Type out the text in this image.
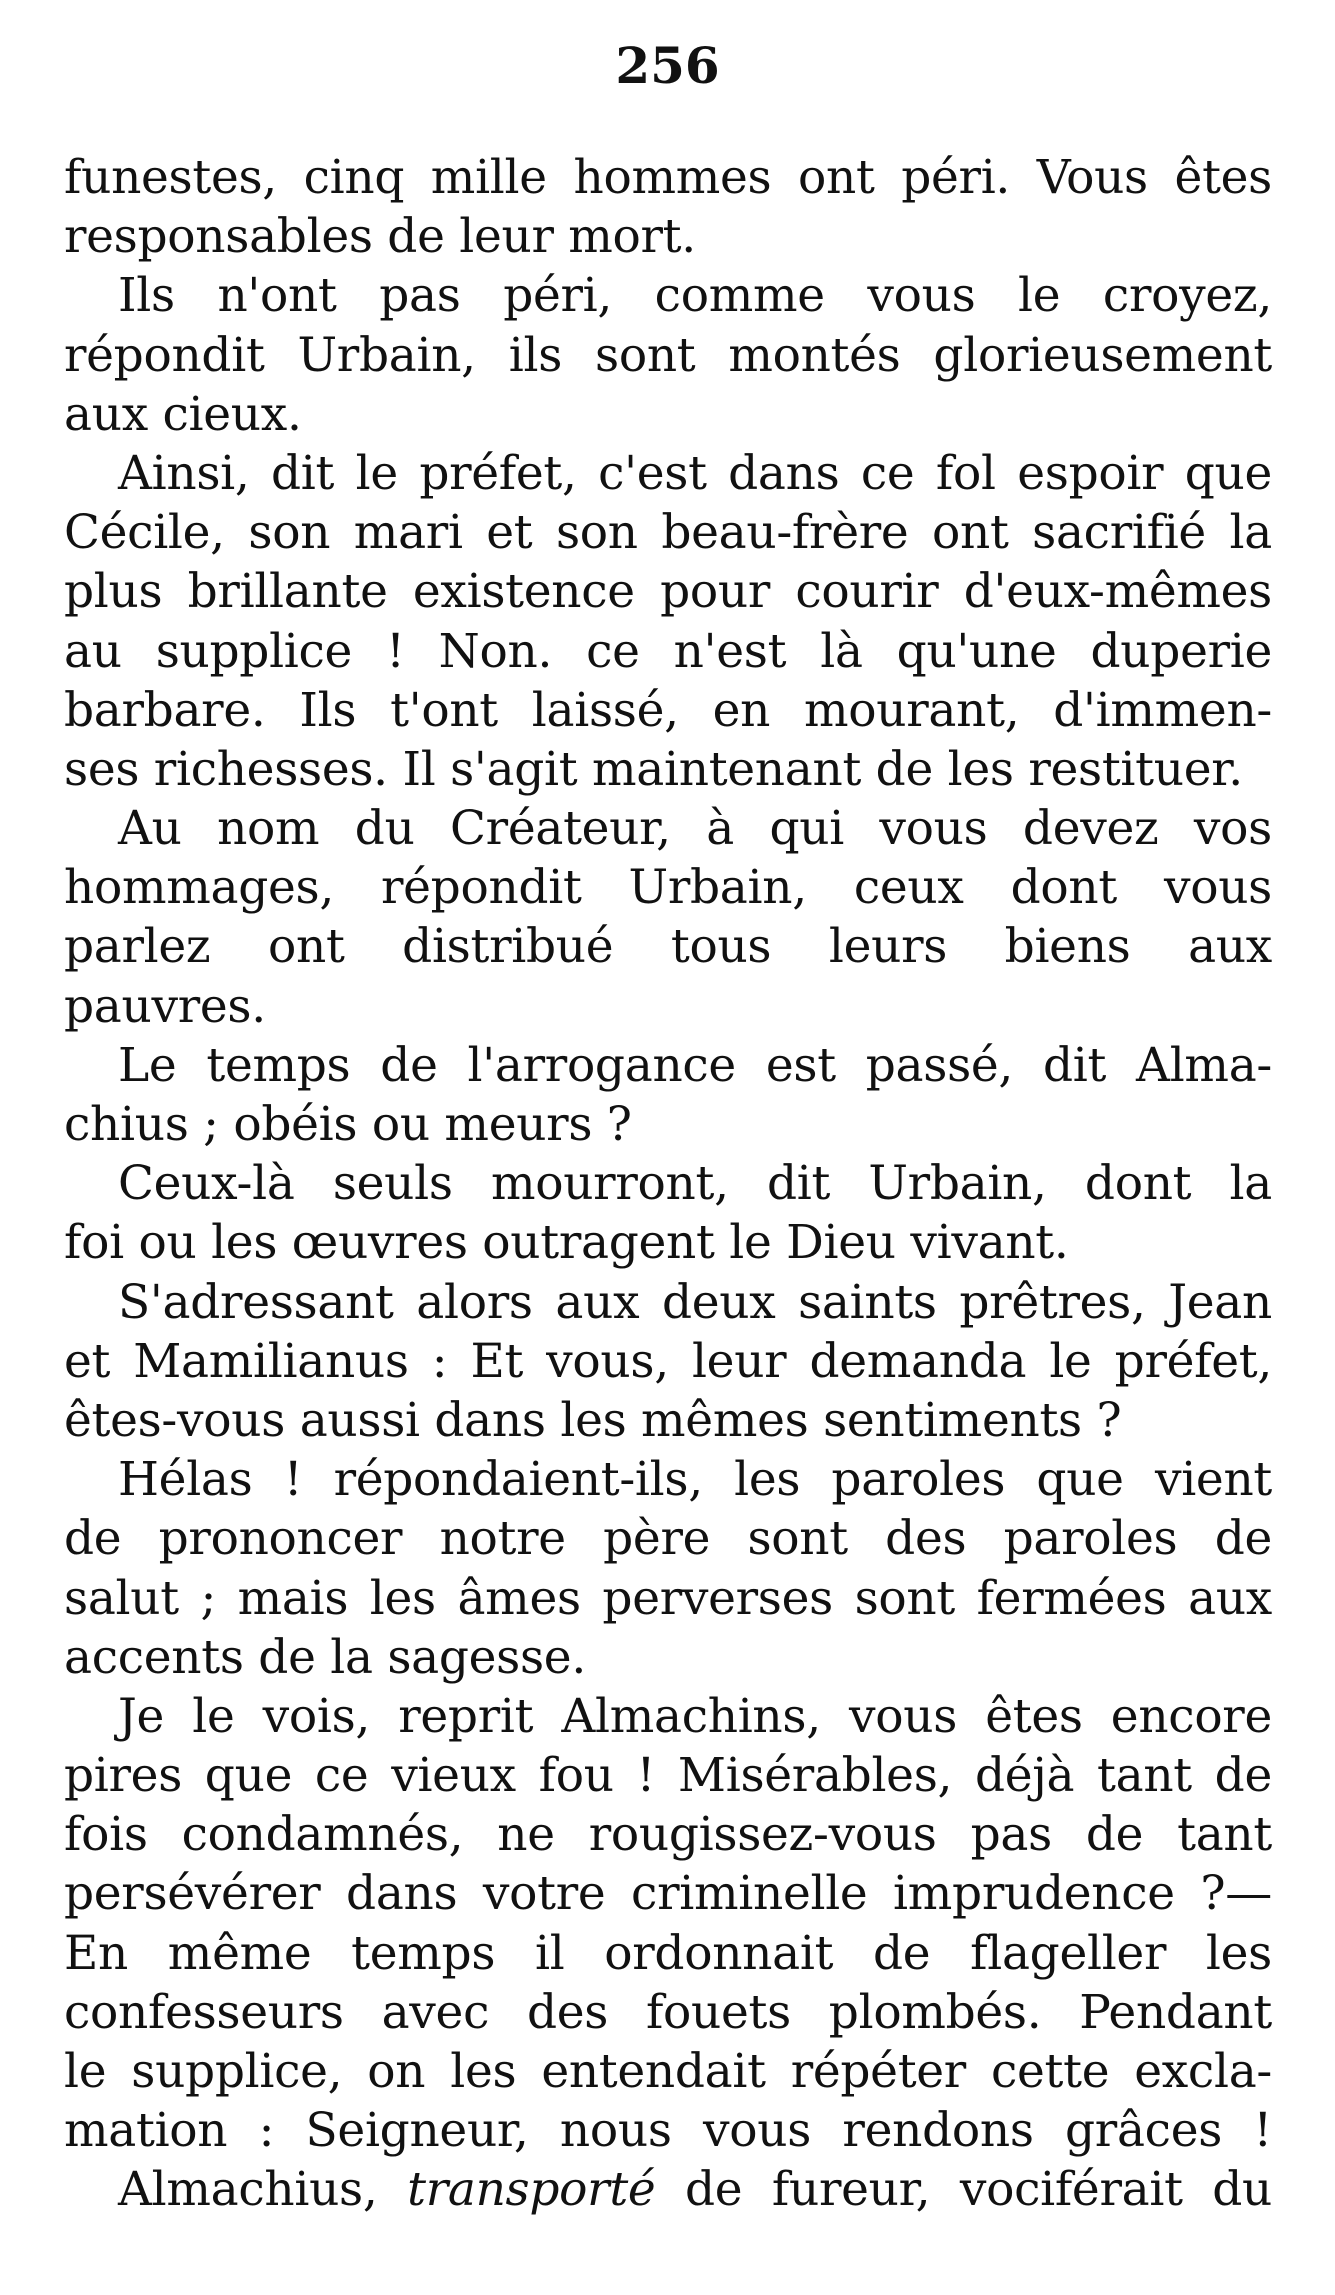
256
funestes, cinq mille hommes ont péri. Vous êtes
responsables de leur mort.
Ils n'ont pas péri, comme vous le croyez,
répondit Urbain, ils sont montés glorieusement
aux cieux.
Ainsi, dit le préfet, c'est dans ce fol espoir que
Cécile, son mari et son beau-frère ont sacrifié la
plus brillante existence pour courir d'eux-mêmes
au supplice ! Non. ce n'est là qu'une duperie
barbare. Ils t'ont laissé, en mourant, d'immen-
ses richesses. Il s'agit maintenant de les restituer.
Au nom du Créateur, à qui vous devez vos
hommages, répondit Urbain, ceux dont vous
parlez ont distribué tous leurs biens aux
pauvres.
Le temps de l'arrogance est passé, dit Alma-
chius ; obéis ou meurs ?
Ceux-là seuls mourront, dit Urbain, dont la
foi ou les œuvres outragent le Dieu vivant.
S'adressant alors aux deux saints prêtres, Jean
et Mamilianus : Et vous, leur demanda le préfet,
êtes-vous aussi dans les mêmes sentiments ?
Hélas ! répondaient-ils, les paroles que vient
de prononcer notre père sont des paroles de
salut ; mais les âmes perverses sont fermées aux
accents de la sagesse.
Je le vois, reprit Almachins, vous êtes encore
pires que ce vieux fou ! Misérables, déjà tant de
fois condamnés, ne rougissez-vous pas de tant
persévérer dans votre criminelle imprudence ?—
En même temps il ordonnait de flageller les
confesseurs avec des fouets plombés. Pendant
le supplice, on les entendait répéter cette excla-
mation : Seigneur, nous vous rendons grâces !
Almachius, transporté de fureur, vociférait du
